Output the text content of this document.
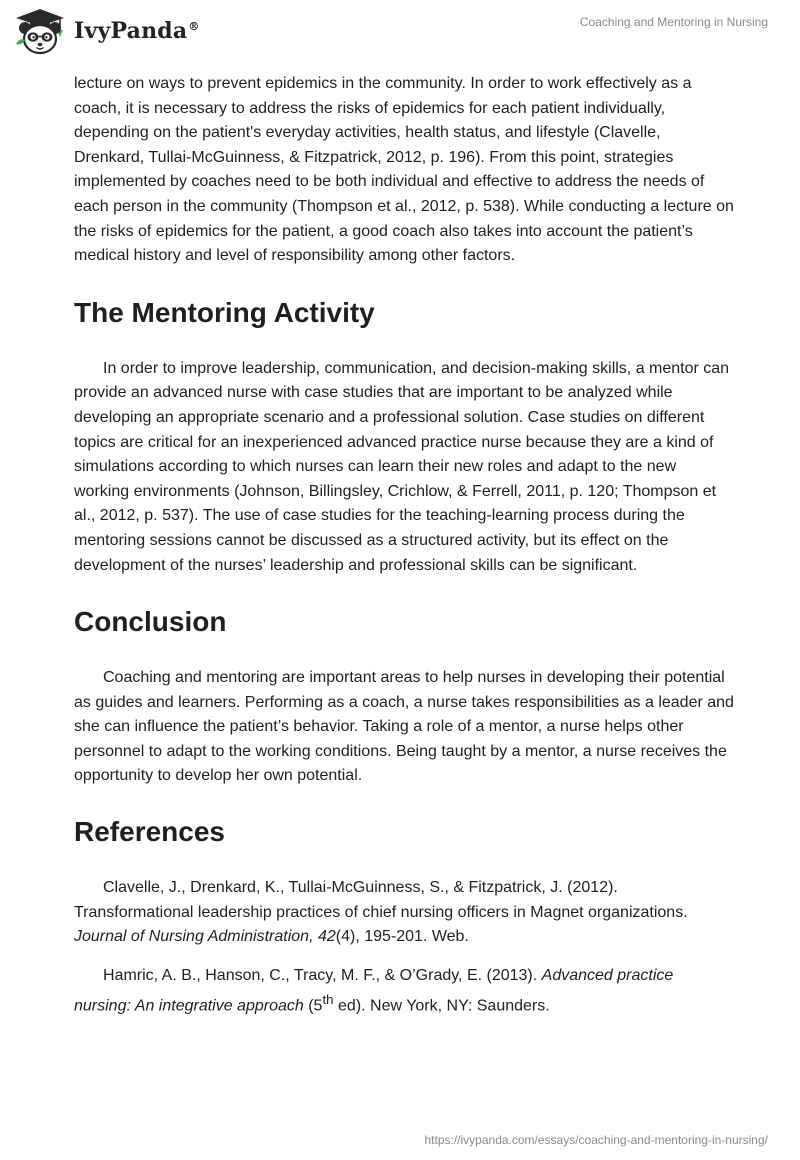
IvyPanda®	Coaching and Mentoring in Nursing

lecture on ways to prevent epidemics in the community. In order to work effectively as a coach, it is necessary to address the risks of epidemics for each patient individually, depending on the patient's everyday activities, health status, and lifestyle (Clavelle, Drenkard, Tullai-McGuinness, & Fitzpatrick, 2012, p. 196). From this point, strategies implemented by coaches need to be both individual and effective to address the needs of each person in the community (Thompson et al., 2012, p. 538). While conducting a lecture on the risks of epidemics for the patient, a good coach also takes into account the patient’s medical history and level of responsibility among other factors.

The Mentoring Activity

In order to improve leadership, communication, and decision-making skills, a mentor can provide an advanced nurse with case studies that are important to be analyzed while developing an appropriate scenario and a professional solution. Case studies on different topics are critical for an inexperienced advanced practice nurse because they are a kind of simulations according to which nurses can learn their new roles and adapt to the new working environments (Johnson, Billingsley, Crichlow, & Ferrell, 2011, p. 120; Thompson et al., 2012, p. 537). The use of case studies for the teaching-learning process during the mentoring sessions cannot be discussed as a structured activity, but its effect on the development of the nurses’ leadership and professional skills can be significant.

Conclusion

Coaching and mentoring are important areas to help nurses in developing their potential as guides and learners. Performing as a coach, a nurse takes responsibilities as a leader and she can influence the patient’s behavior. Taking a role of a mentor, a nurse helps other personnel to adapt to the working conditions. Being taught by a mentor, a nurse receives the opportunity to develop her own potential.

References

Clavelle, J., Drenkard, K., Tullai-McGuinness, S., & Fitzpatrick, J. (2012). Transformational leadership practices of chief nursing officers in Magnet organizations. Journal of Nursing Administration, 42(4), 195-201. Web.

Hamric, A. B., Hanson, C., Tracy, M. F., & O’Grady, E. (2013). Advanced practice nursing: An integrative approach (5th ed). New York, NY: Saunders.

https://ivypanda.com/essays/coaching-and-mentoring-in-nursing/
